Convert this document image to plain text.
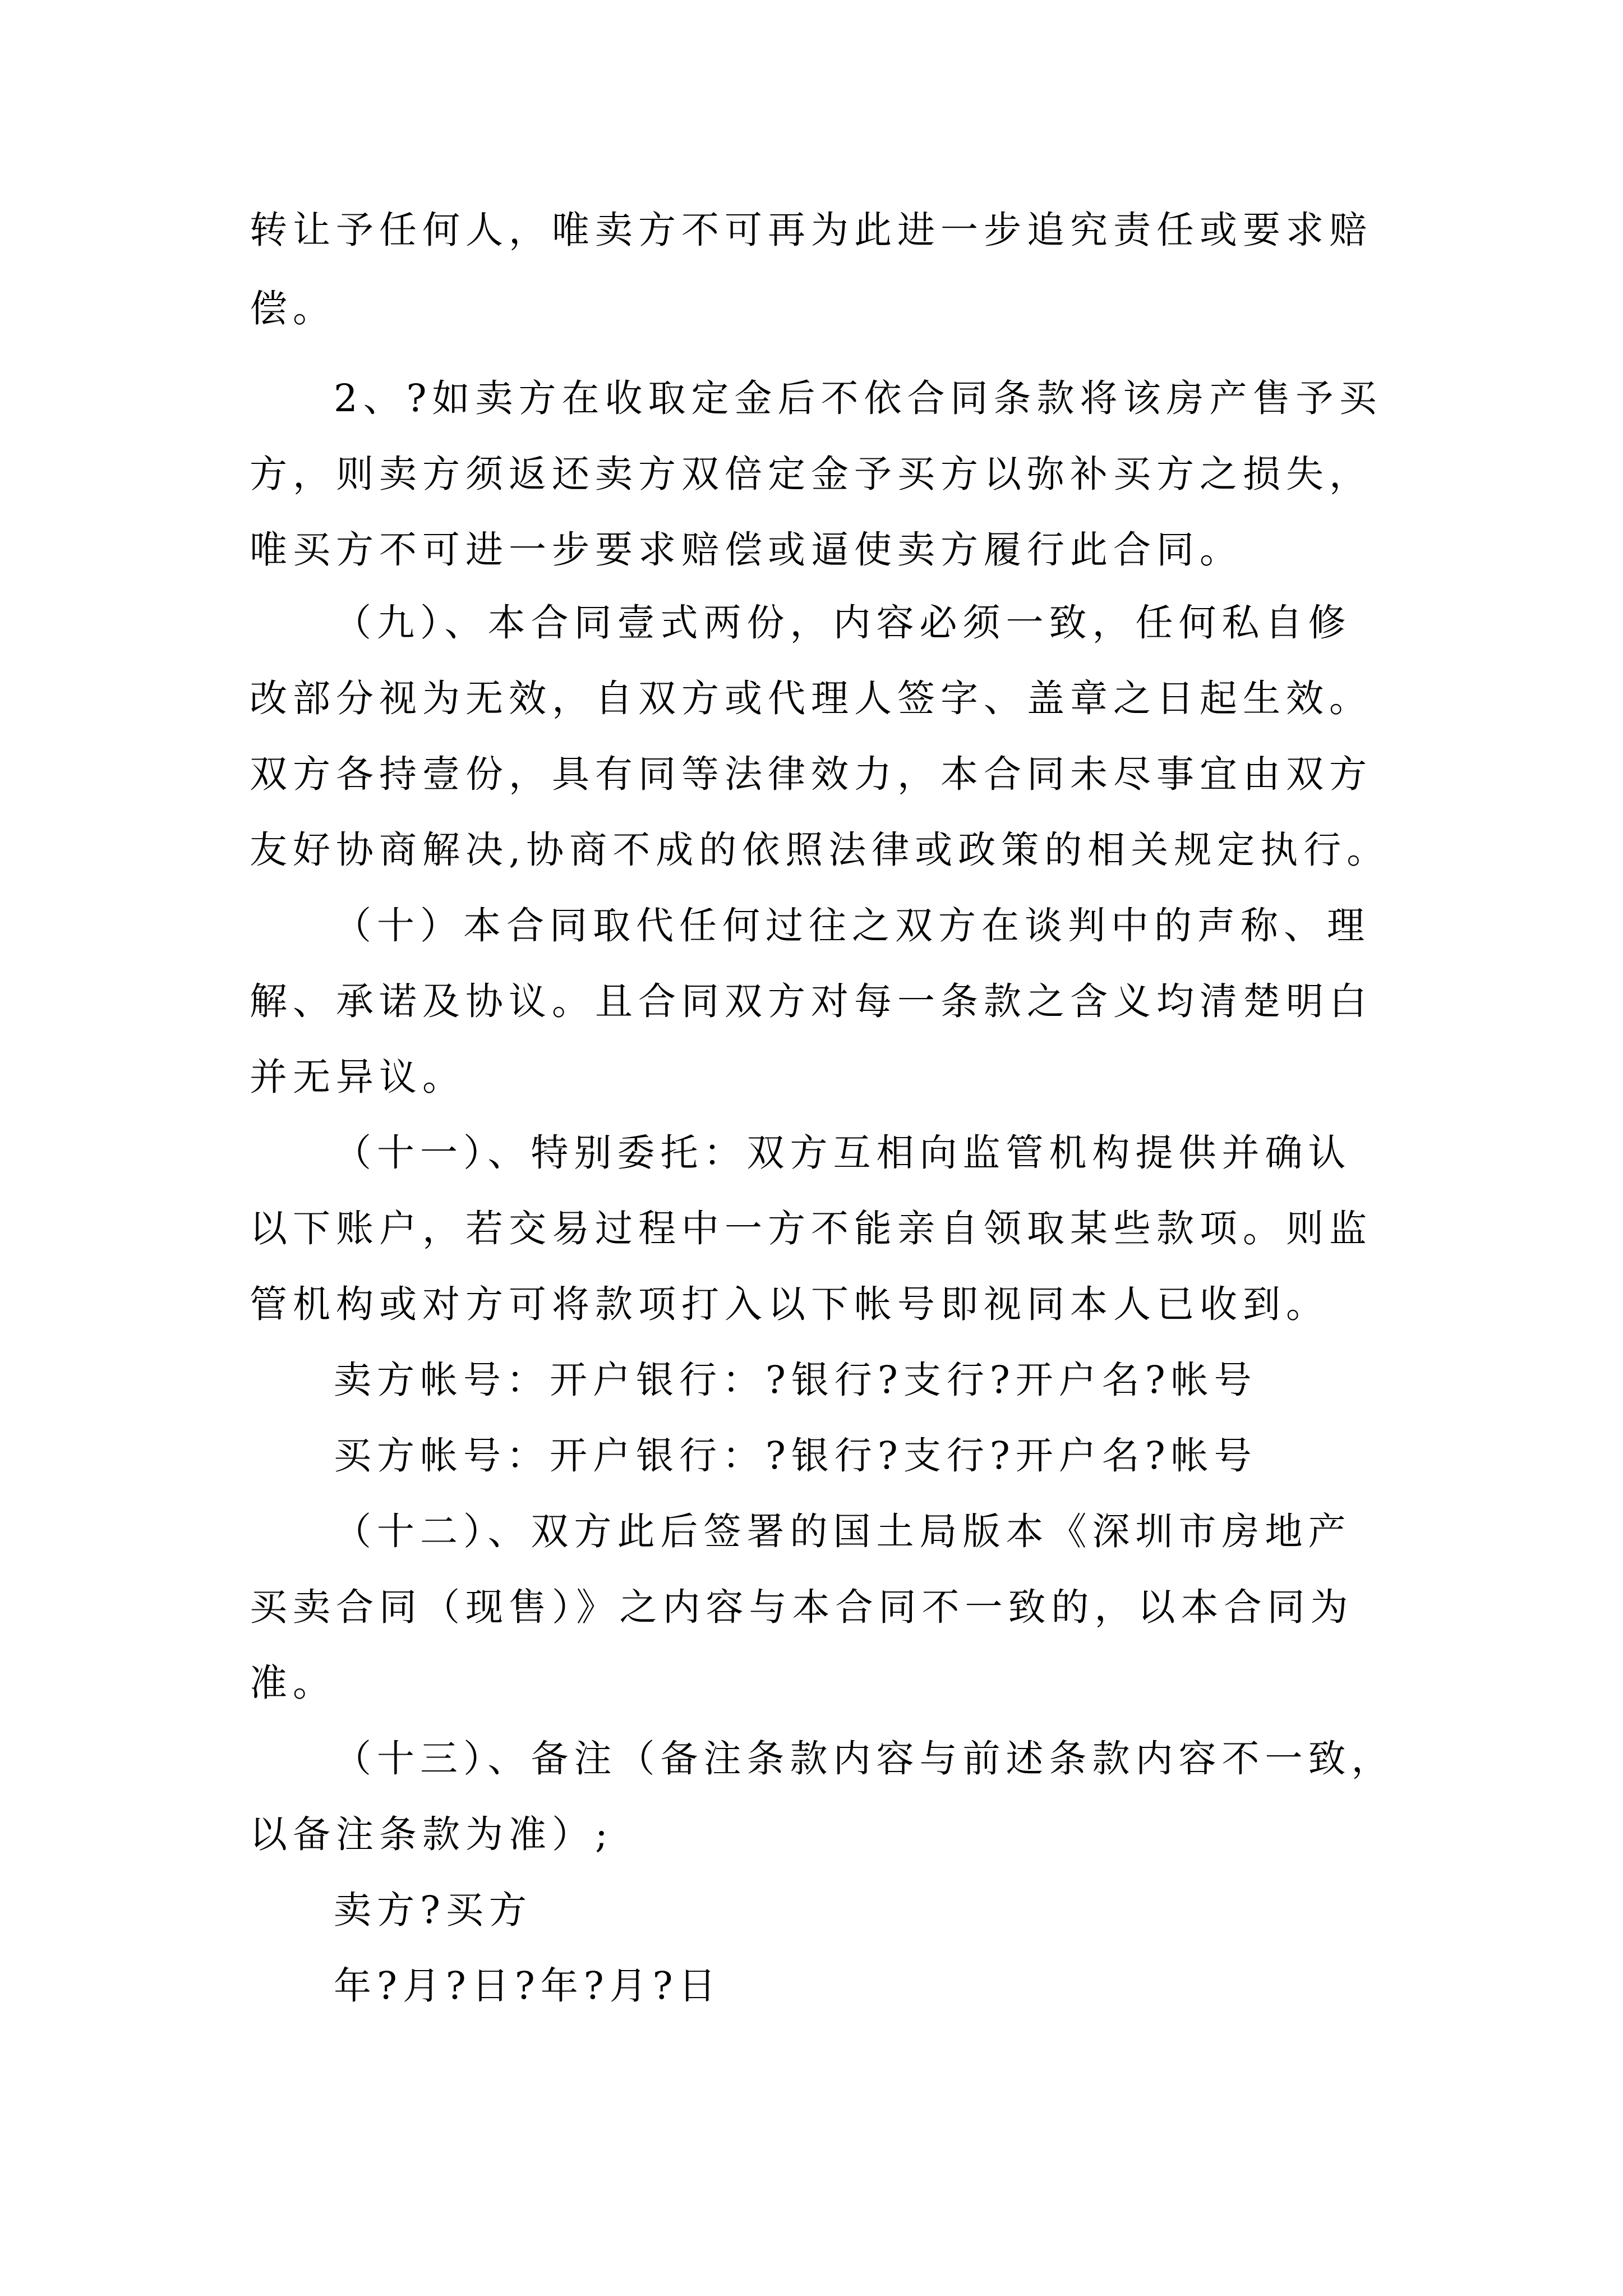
转让予任何人，唯卖方不可再为此进一步追究责任或要求赔
偿。
2、?如卖方在收取定金后不依合同条款将该房产售予买
方，则卖方须返还卖方双倍定金予买方以弥补买方之损失，
唯买方不可进一步要求赔偿或逼使卖方履行此合同。
（九）、本合同壹式两份，内容必须一致，任何私自修
改部分视为无效，自双方或代理人签字、盖章之日起生效。
双方各持壹份，具有同等法律效力，本合同未尽事宜由双方
友好协商解决,协商不成的依照法律或政策的相关规定执行。
（十）本合同取代任何过往之双方在谈判中的声称、理
解、承诺及协议。且合同双方对每一条款之含义均清楚明白
并无异议。
（十一）、特别委托：双方互相向监管机构提供并确认
以下账户，若交易过程中一方不能亲自领取某些款项。则监
管机构或对方可将款项打入以下帐号即视同本人已收到。
卖方帐号：开户银行：?银行?支行?开户名?帐号
买方帐号：开户银行：?银行?支行?开户名?帐号
（十二）、双方此后签署的国土局版本《深圳市房地产
买卖合同（现售）》之内容与本合同不一致的，以本合同为
准。
（十三）、备注（备注条款内容与前述条款内容不一致，
以备注条款为准）;
卖方?买方
年?月?日?年?月?日
